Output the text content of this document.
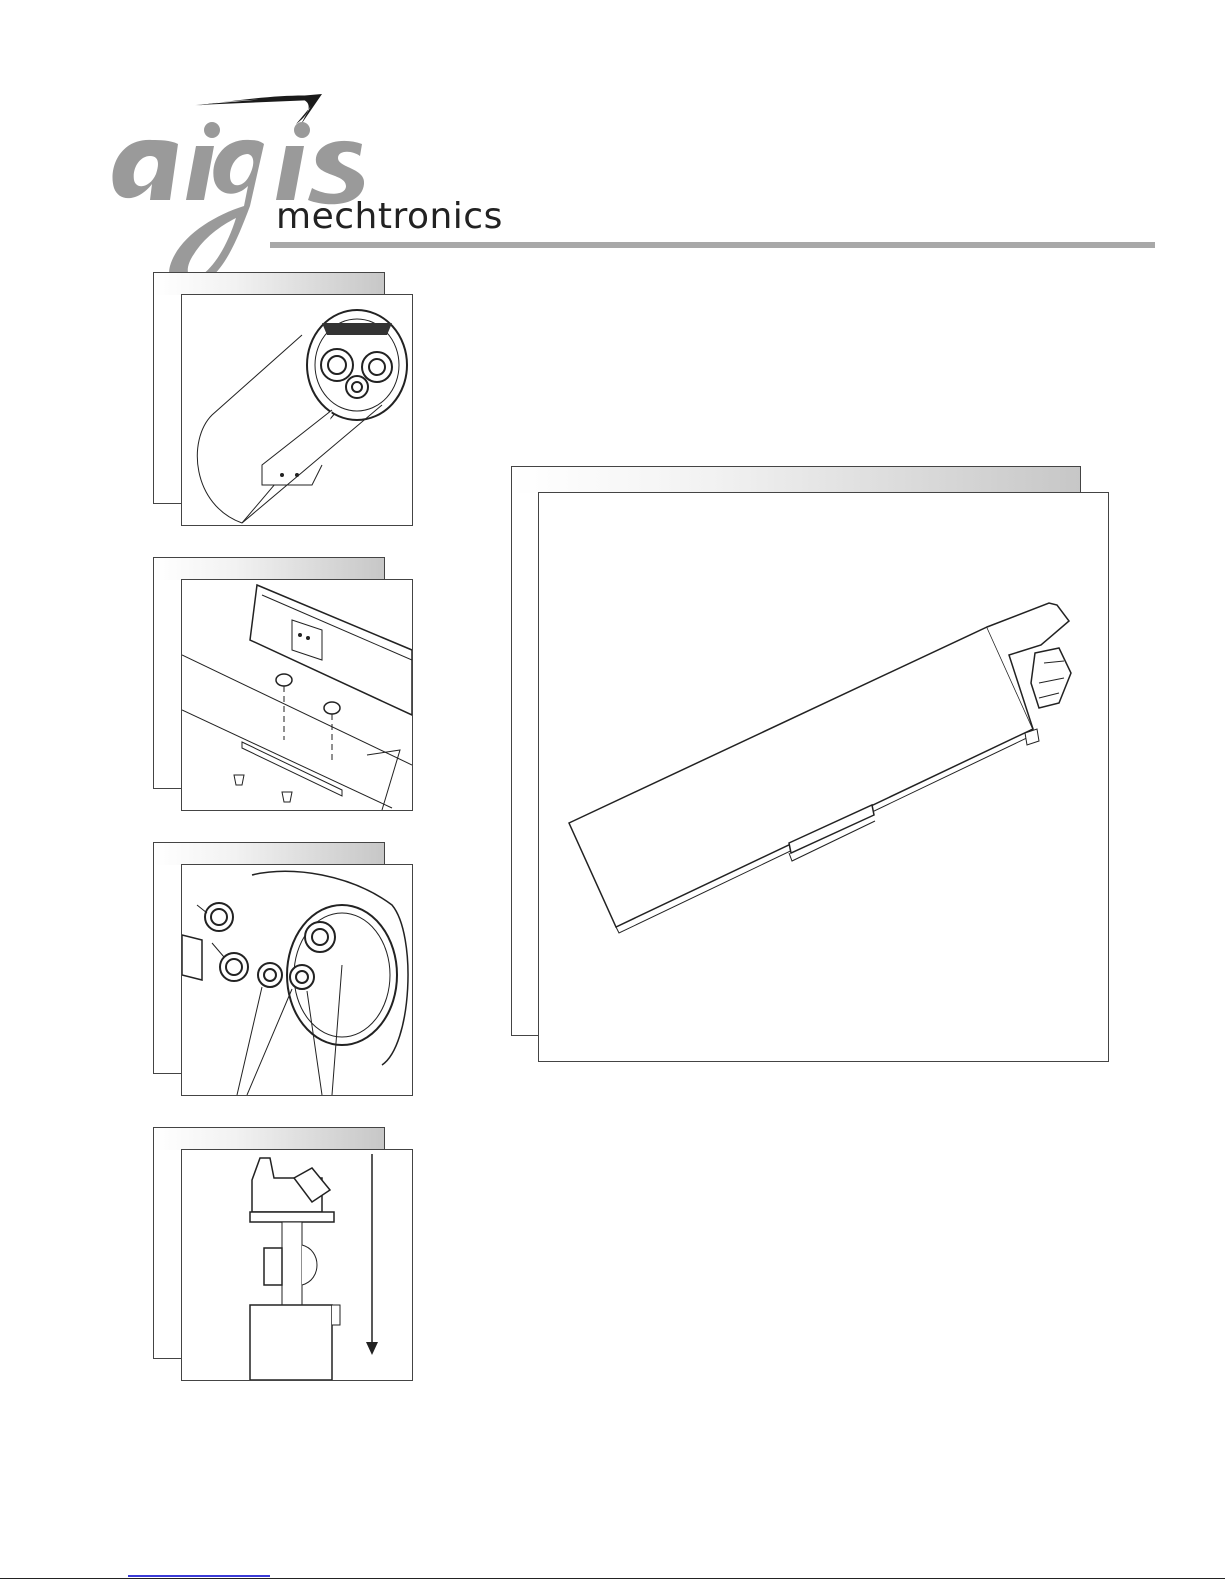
mechtronics
